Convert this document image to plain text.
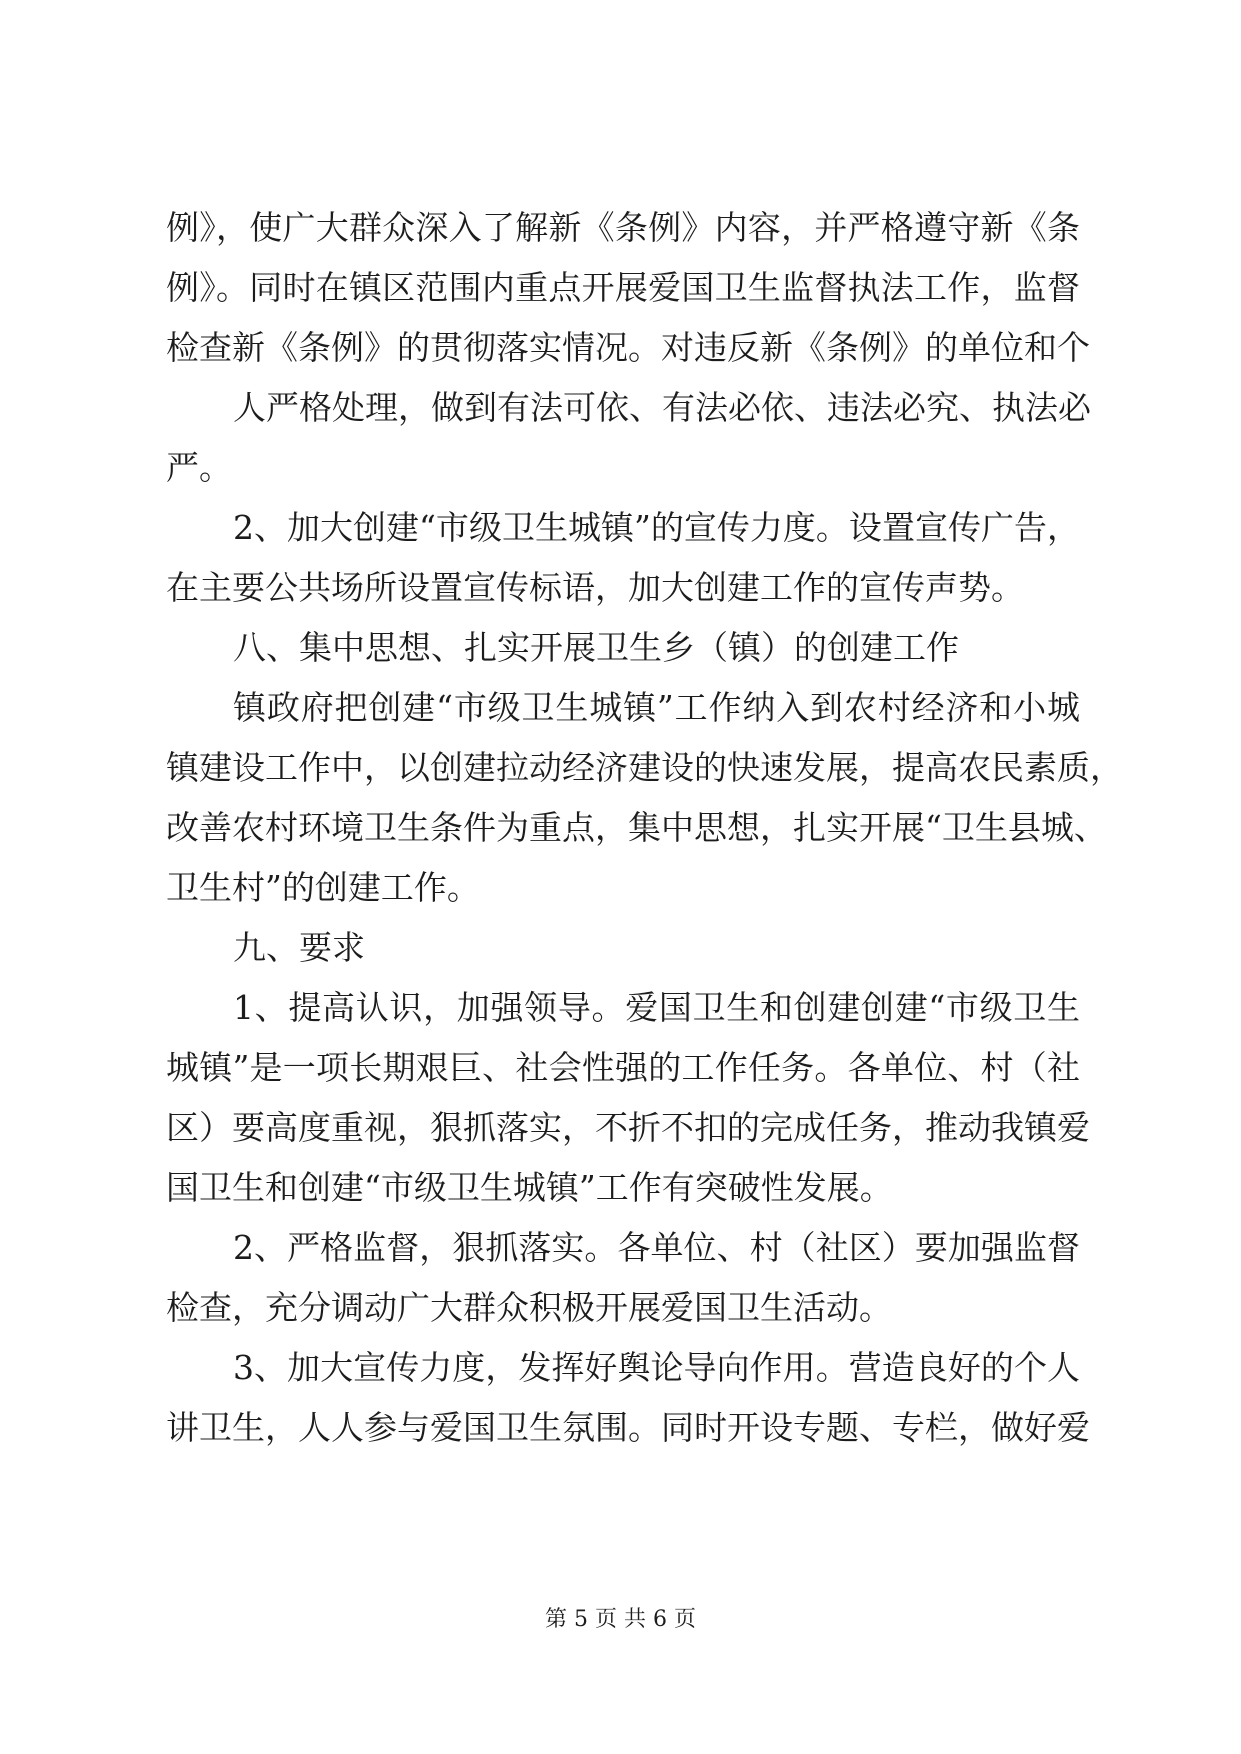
例》，使广大群众深入了解新《条例》内容，并严格遵守新《条
例》。同时在镇区范围内重点开展爱国卫生监督执法工作，监督
检查新《条例》的贯彻落实情况。对违反新《条例》的单位和个
人严格处理，做到有法可依、有法必依、违法必究、执法必
严。
2、加大创建“市级卫生城镇”的宣传力度。设置宣传广告，
在主要公共场所设置宣传标语，加大创建工作的宣传声势。
八、集中思想、扎实开展卫生乡（镇）的创建工作
镇政府把创建“市级卫生城镇”工作纳入到农村经济和小城
镇建设工作中，以创建拉动经济建设的快速发展，提高农民素质，
改善农村环境卫生条件为重点，集中思想，扎实开展“卫生县城、
卫生村”的创建工作。
九、要求
1、提高认识，加强领导。爱国卫生和创建创建“市级卫生
城镇”是一项长期艰巨、社会性强的工作任务。各单位、村（社
区）要高度重视，狠抓落实，不折不扣的完成任务，推动我镇爱
国卫生和创建“市级卫生城镇”工作有突破性发展。
2、严格监督，狠抓落实。各单位、村（社区）要加强监督
检查，充分调动广大群众积极开展爱国卫生活动。
3、加大宣传力度，发挥好舆论导向作用。营造良好的个人
讲卫生，人人参与爱国卫生氛围。同时开设专题、专栏，做好爱
第 5 页 共 6 页
